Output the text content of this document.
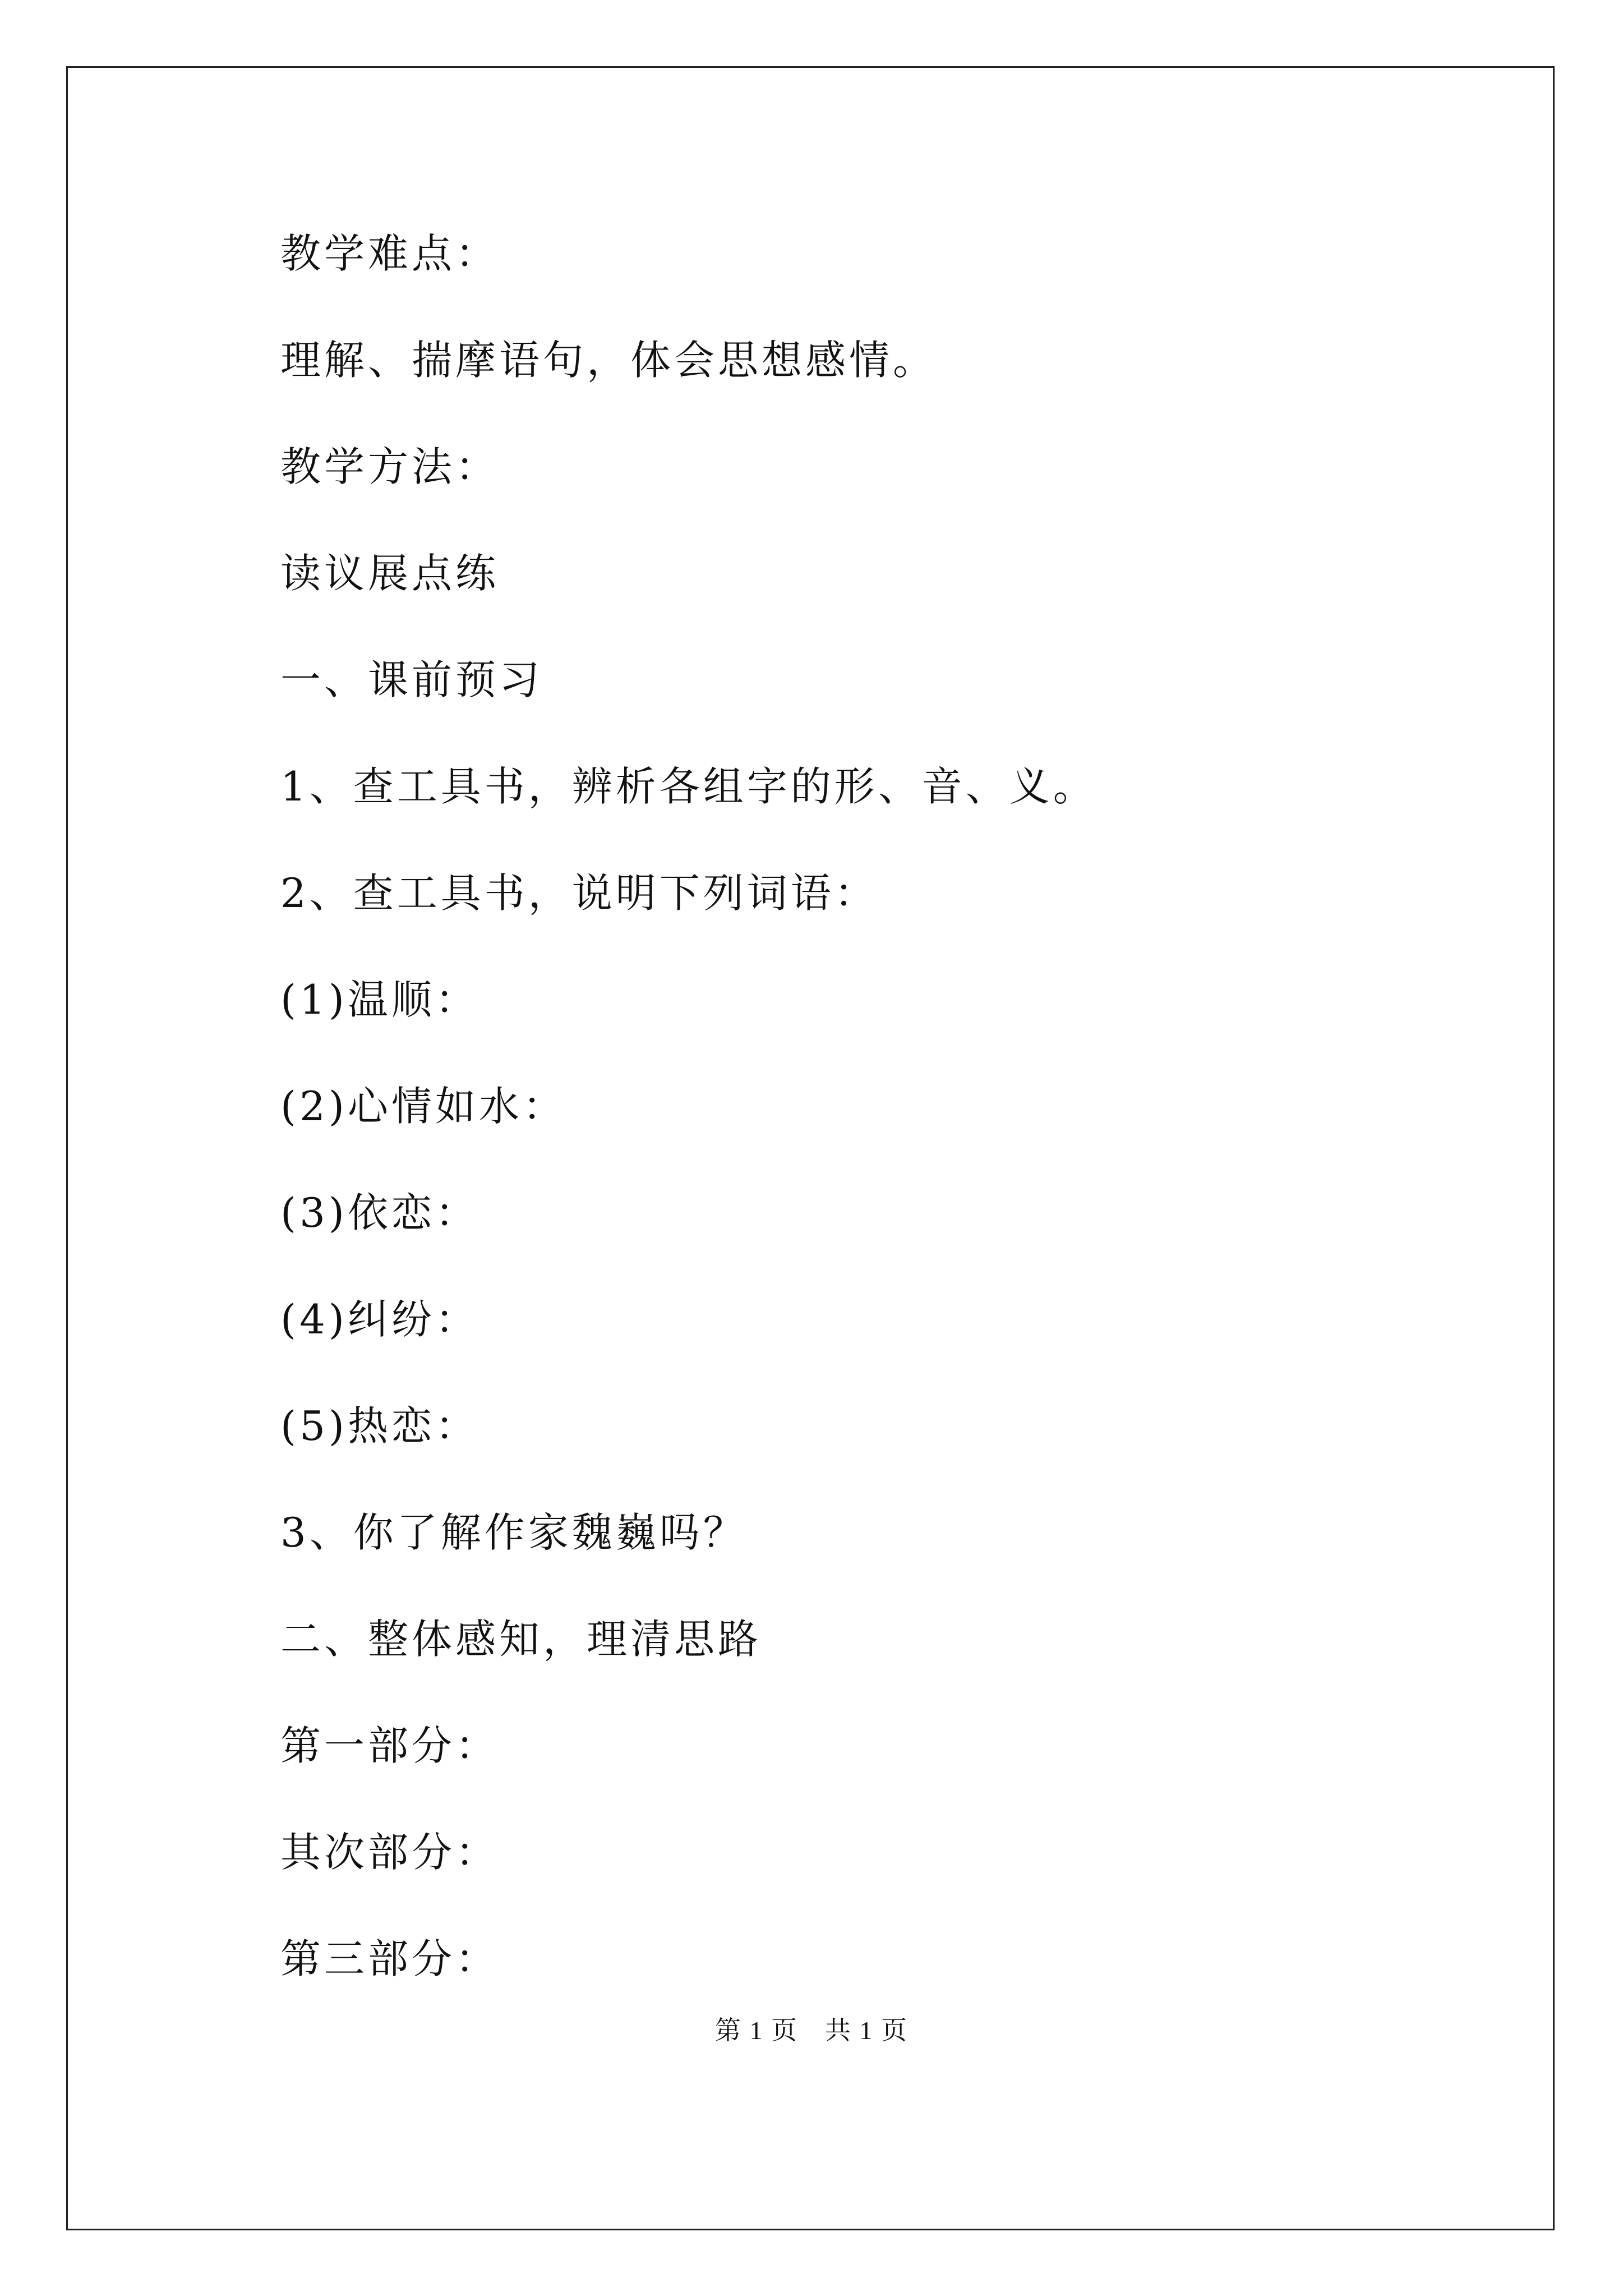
教学难点：
理解、揣摩语句，体会思想感情。
教学方法：
读议展点练
一、课前预习
1、查工具书，辨析各组字的形、音、义。
2、查工具书，说明下列词语：
(1)温顺：
(2)心情如水：
(3)依恋：
(4)纠纷：
(5)热恋：
3、你了解作家魏巍吗？
二、整体感知，理清思路
第一部分：
其次部分：
第三部分：
第 1 页　共 1 页
